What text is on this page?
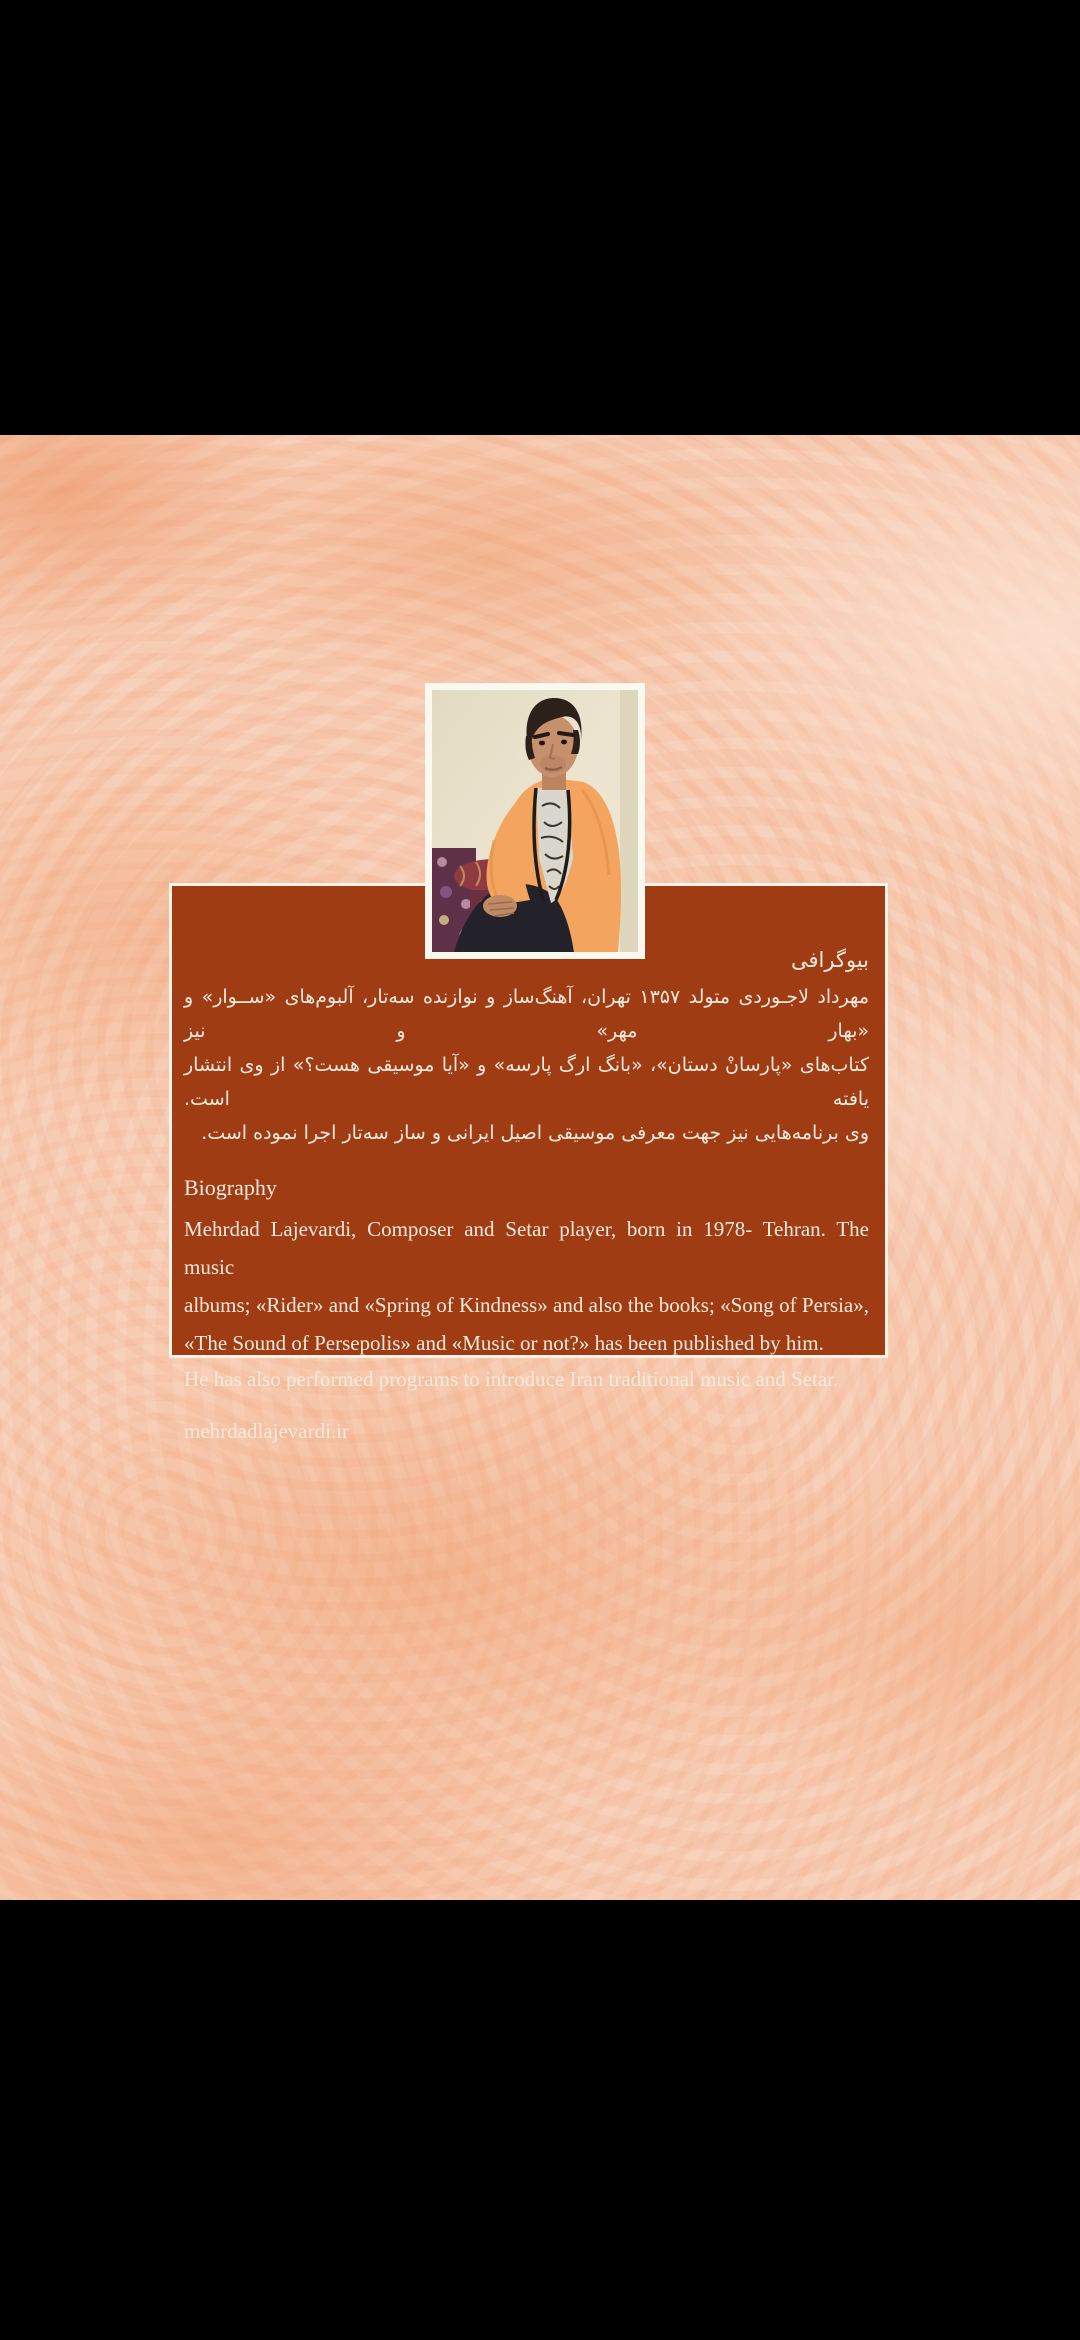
بیوگرافی
مهرداد لاجـوردی متولد ۱۳۵۷ تهران، آهنگ‌ساز و نوازنده سه‌تار، آلبوم‌های «ســوار» و «بهار مهر» و نیز
کتاب‌های «پارسانْ دستان»، «بانگ ارگ پارسه» و «آیا موسیقی هست؟» از وی انتشار یافته است.
وی برنامه‌هایی نیز جهت معرفی موسیقی اصیل ایرانی و ساز سه‌تار اجرا نموده است.
Biography
Mehrdad Lajevardi, Composer and Setar player, born in 1978- Tehran. The music
albums; «Rider» and «Spring of Kindness» and also the books; «Song of Persia»,
«The Sound of Persepolis» and «Music or not?» has been published by him.
He has also performed programs to introduce Iran traditional music and Setar.
mehrdadlajevardi.ir
